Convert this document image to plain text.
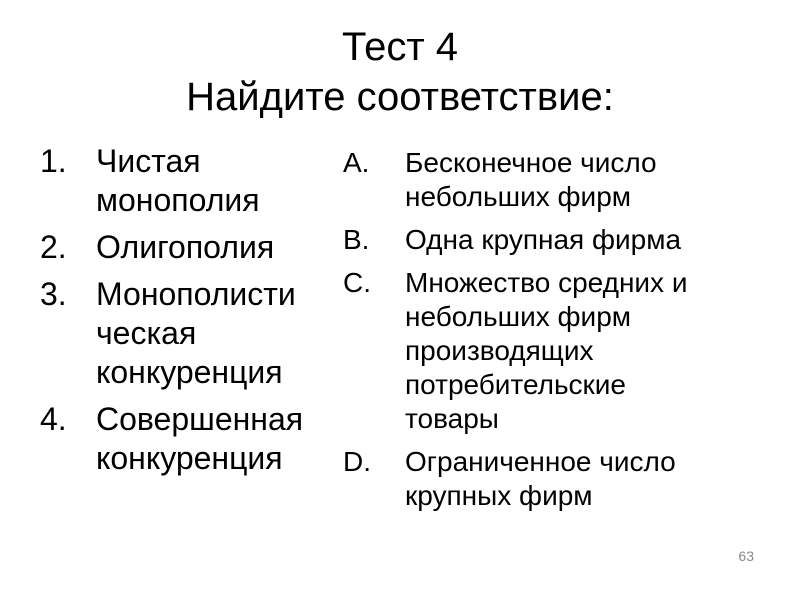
Тест 4
Найдите соответствие:
1. Чистая
монополия
2. Олигополия
3. Монополисти
ческая
конкуренция
4. Совершенная
конкуренция
A.	Бесконечное число
небольших фирм
B.	Одна крупная фирма
C.	Множество средних и
небольших фирм
производящих
потребительские
товары
D.	Ограниченное число
крупных фирм
63
